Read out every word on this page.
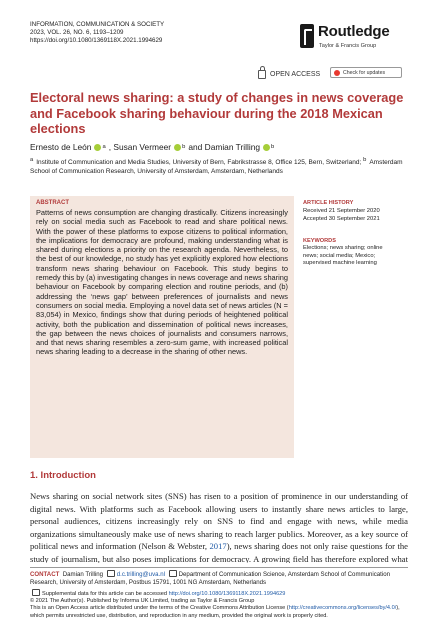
INFORMATION, COMMUNICATION & SOCIETY
2023, VOL. 26, NO. 6, 1193–1209
https://doi.org/10.1080/1369118X.2021.1994629
Routledge
Taylor & Francis Group
OPEN ACCESS	Check for updates
Electoral news sharing: a study of changes in news coverage and Facebook sharing behaviour during the 2018 Mexican elections
Ernesto de León a ,
Susan Vermeer b and
Damian Trilling b
a Institute of Communication and Media Studies, University of Bern, Fabrikstrasse 8, Office 125, Bern, Switzerland; b Amsterdam School of Communication Research, University of Amsterdam, Amsterdam, Netherlands
ABSTRACT
Patterns of news consumption are changing drastically. Citizens increasingly rely on social media such as Facebook to read and share political news. With the power of these platforms to expose citizens to political information, the implications for democracy are profound, making understanding what is shared during elections a priority on the research agenda. Nevertheless, to the best of our knowledge, no study has yet explicitly explored how elections transform news sharing behaviour on Facebook. This study begins to remedy this by (a) investigating changes in news coverage and news sharing behaviour on Facebook by comparing election and routine periods, and (b) addressing the ‘news gap’ between preferences of journalists and news consumers on social media. Employing a novel data set of news articles (N = 83,054) in Mexico, findings show that during periods of heightened political activity, both the publication and dissemination of political news increases, the gap between the news choices of journalists and consumers narrows, and that news sharing resembles a zero-sum game, with increased political news sharing leading to a decrease in the sharing of other news.
ARTICLE HISTORY
Received 21 September 2020
Accepted 30 September 2021
KEYWORDS
Elections; news sharing; online news; social media; Mexico; supervised machine learning
1. Introduction
News sharing on social network sites (SNS) has risen to a position of prominence in our understanding of digital news. With platforms such as Facebook allowing users to instantly share news articles to large, personal audiences, citizens increasingly rely on SNS to find and engage with news, while media organizations simultaneously make use of news sharing to reach larger publics. Moreover, as a key source of political news and information (Nelson & Webster, 2017), news sharing does not only raise questions for the study of journalism, but also poses implications for democracy. A growing field has therefore explored what
CONTACT Damian Trilling d.c.trilling@uva.nl Department of Communication Science, Amsterdam School of Communication Research, University of Amsterdam, Postbus 15791, 1001 NG Amsterdam, Netherlands
Supplemental data for this article can be accessed http://doi.org/10.1080/1369118X.2021.1994629
© 2021 The Author(s). Published by Informa UK Limited, trading as Taylor & Francis Group
This is an Open Access article distributed under the terms of the Creative Commons Attribution License (http://creativecommons.org/licenses/by/4.0/), which permits unrestricted use, distribution, and reproduction in any medium, provided the original work is properly cited.
